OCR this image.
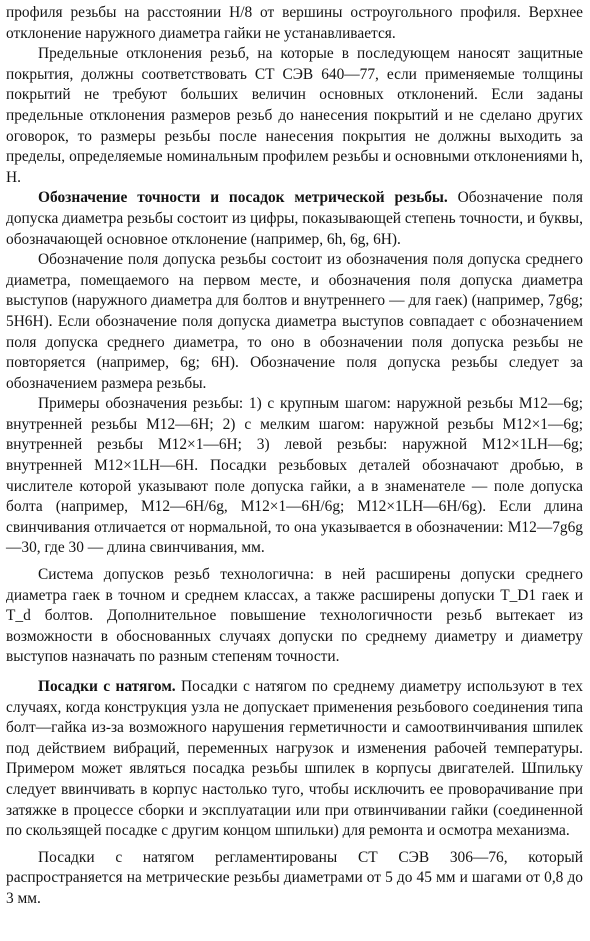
профиля резьбы на расстоянии H/8 от вершины остроугольного профиля. Верхнее отклонение наружного диаметра гайки не устанавливается.

Предельные отклонения резьб, на которые в последующем наносят защитные покрытия, должны соответствовать СТ СЭВ 640—77, если применяемые толщины покрытий не требуют больших величин основных отклонений. Если заданы предельные отклонения размеров резьб до нанесения покрытий и не сделано других оговорок, то размеры резьбы после нанесения покрытия не должны выходить за пределы, определяемые номинальным профилем резьбы и основными отклонениями h, H.

Обозначение точности и посадок метрической резьбы. Обозначение поля допуска диаметра резьбы состоит из цифры, показывающей степень точности, и буквы, обозначающей основное отклонение (например, 6h, 6g, 6H).

Обозначение поля допуска резьбы состоит из обозначения поля допуска среднего диаметра, помещаемого на первом месте, и обозначения поля допуска диаметра выступов (наружного диаметра для болтов и внутреннего — для гаек) (например, 7g6g; 5H6H). Если обозначение поля допуска диаметра выступов совпадает с обозначением поля допуска среднего диаметра, то оно в обозначении поля допуска резьбы не повторяется (например, 6g; 6H). Обозначение поля допуска резьбы следует за обозначением размера резьбы.

Примеры обозначения резьбы: 1) с крупным шагом: наружной резьбы М12—6g; внутренней резьбы М12—6H; 2) с мелким шагом: наружной резьбы М12×1—6g; внутренней резьбы М12×1—6H; 3) левой резьбы: наружной М12×1LH—6g; внутренней М12×1LH—6H. Посадки резьбовых деталей обозначают дробью, в числителе которой указывают поле допуска гайки, а в знаменателе — поле допуска болта (например, М12—6H/6g, М12×1—6H/6g; М12×1LH—6H/6g). Если длина свинчивания отличается от нормальной, то она указывается в обозначении: М12—7g6g—30, где 30 — длина свинчивания, мм.

Система допусков резьб технологична: в ней расширены допуски среднего диаметра гаек в точном и среднем классах, а также расширены допуски T_D1 гаек и T_d болтов. Дополнительное повышение технологичности резьб вытекает из возможности в обоснованных случаях допуски по среднему диаметру и диаметру выступов назначать по разным степеням точности.

Посадки с натягом. Посадки с натягом по среднему диаметру используют в тех случаях, когда конструкция узла не допускает применения резьбового соединения типа болт—гайка из-за возможного нарушения герметичности и самоотвинчивания шпилек под действием вибраций, переменных нагрузок и изменения рабочей температуры. Примером может являться посадка резьбы шпилек в корпусы двигателей. Шпильку следует ввинчивать в корпус настолько туго, чтобы исключить ее проворачивание при затяжке в процессе сборки и эксплуатации или при отвинчивании гайки (соединенной по скользящей посадке с другим концом шпильки) для ремонта и осмотра механизма.

Посадки с натягом регламентированы СТ СЭВ 306—76, который распространяется на метрические резьбы диаметрами от 5 до 45 мм и шагами от 0,8 до 3 мм.
